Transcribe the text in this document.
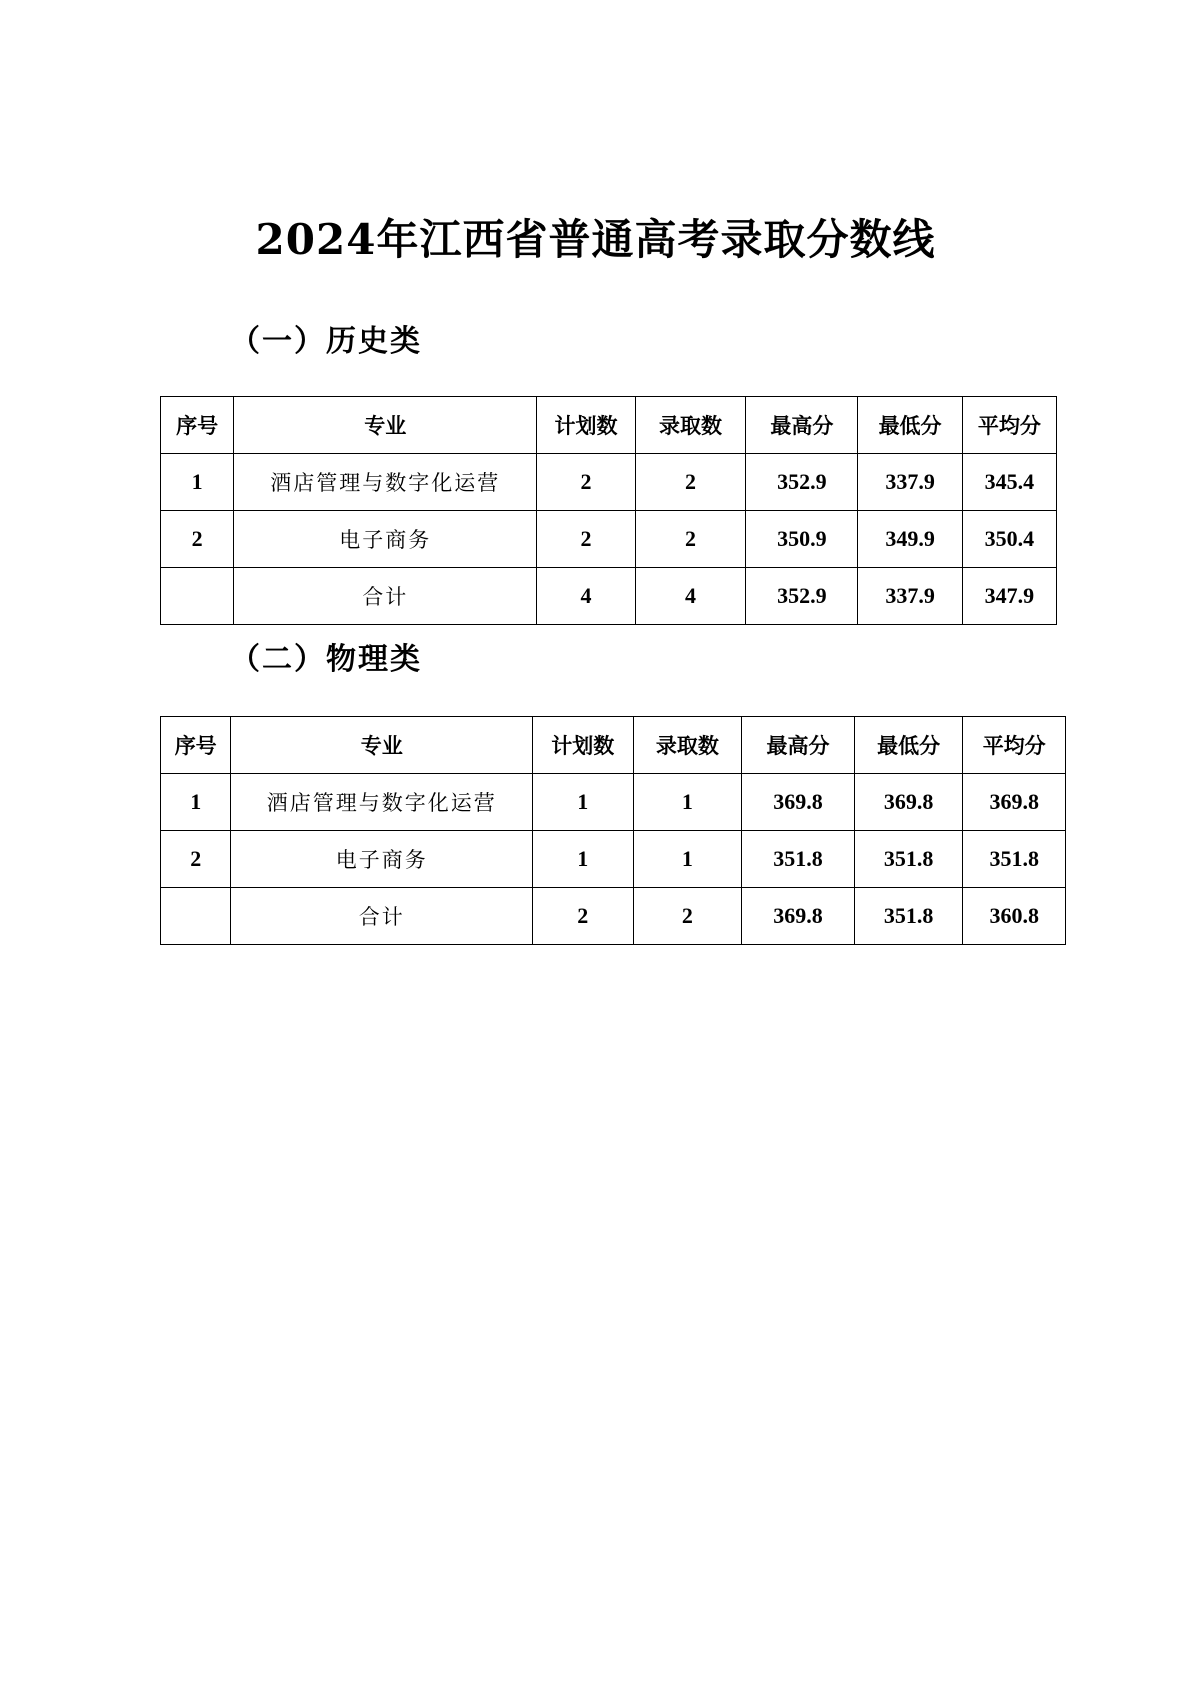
2024年江西省普通高考录取分数线
（一）历史类
序号	专业	计划数	录取数	最高分	最低分	平均分
1	酒店管理与数字化运营	2	2	352.9	337.9	345.4
2	电子商务	2	2	350.9	349.9	350.4
	合计	4	4	352.9	337.9	347.9
（二）物理类
序号	专业	计划数	录取数	最高分	最低分	平均分
1	酒店管理与数字化运营	1	1	369.8	369.8	369.8
2	电子商务	1	1	351.8	351.8	351.8
	合计	2	2	369.8	351.8	360.8
